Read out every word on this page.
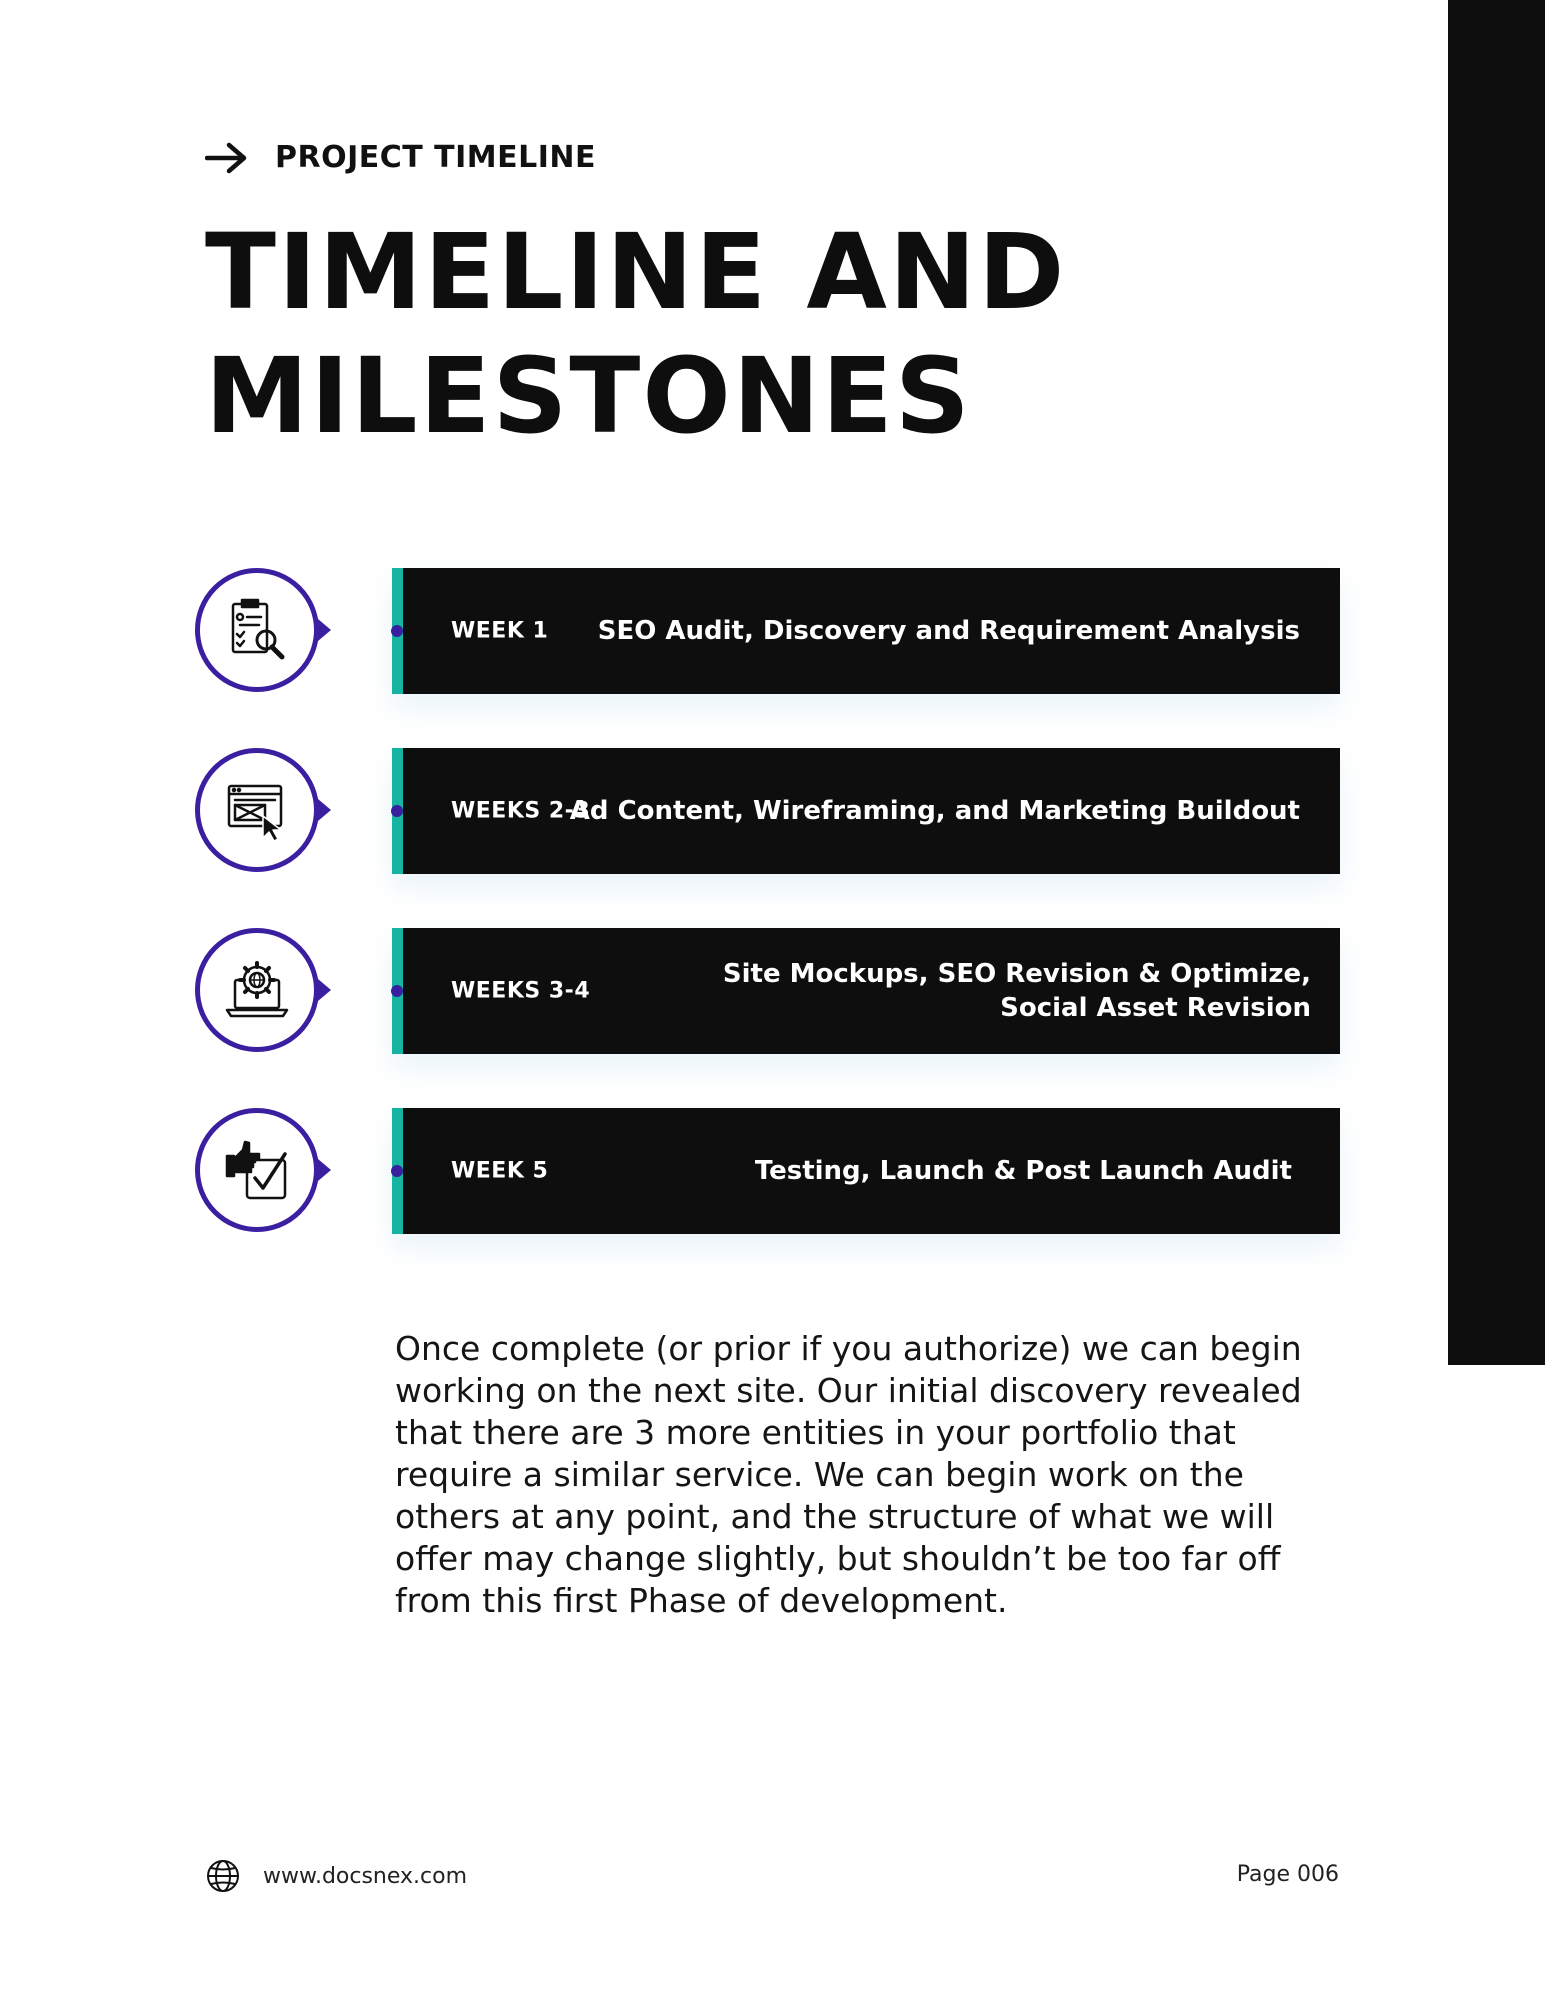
PROJECT TIMELINE
TIMELINE AND
MILESTONES
WEEK 1 SEO Audit, Discovery and Requirement Analysis
WEEKS 2-3
Ad Content, Wireframing, and Marketing Buildout
WEEKS 3-4
Site Mockups, SEO Revision & Optimize,
Social Asset Revision
WEEK 5	Testing, Launch & Post Launch Audit

Once complete (or prior if you authorize) we can begin working on the next site. Our initial discovery revealed that there are 3 more entities in your portfolio that require a similar service. We can begin work on the others at any point, and the structure of what we will offer may change slightly, but shouldn’t be too far off from this first Phase of development.

www.docsnex.com	Page 006
